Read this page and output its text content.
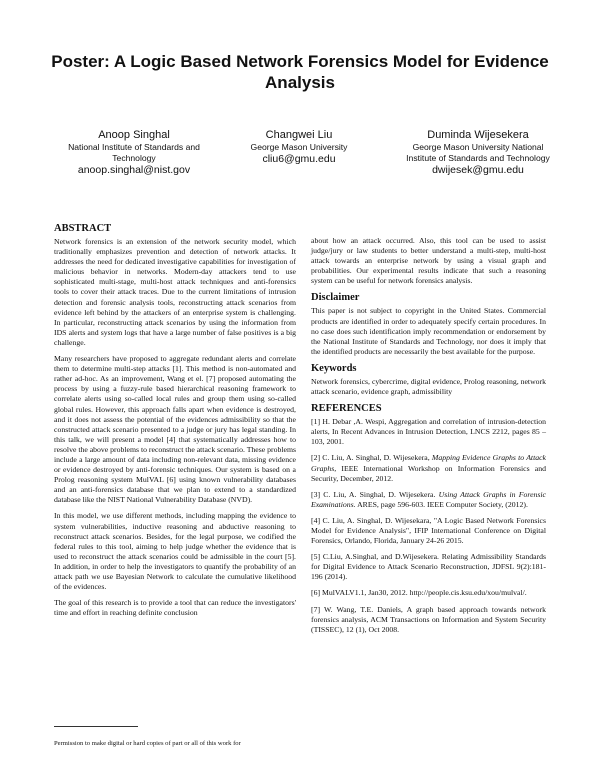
Poster: A Logic Based Network Forensics Model for Evidence Analysis
Anoop Singhal
National Institute of Standards and Technology
anoop.singhal@nist.gov
Changwei Liu
George Mason University
cliu6@gmu.edu
Duminda Wijesekera
George Mason University National Institute of Standards and Technology
dwijesek@gmu.edu
ABSTRACT

Network forensics is an extension of the network security model, which traditionally emphasizes prevention and detection of network attacks. It addresses the need for dedicated investigative capabilities for investigation of malicious behavior in networks. Modern-day attackers tend to use sophisticated multi-stage, multi-host attack techniques and anti-forensics tools to cover their attack traces. Due to the current limitations of intrusion detection and forensic analysis tools, reconstructing attack scenarios from evidence left behind by the attackers of an enterprise system is challenging. In particular, reconstructing attack scenarios by using the information from IDS alerts and system logs that have a large number of false positives is a big challenge.

Many researchers have proposed to aggregate redundant alerts and correlate them to determine multi-step attacks [1]. This method is non-automated and rather ad-hoc. As an improvement, Wang et el. [7] proposed automating the process by using a fuzzy-rule based hierarchical reasoning framework to correlate alerts using so-called local rules and group them using so-called global rules. However, this approach falls apart when evidence is destroyed, and it does not assess the potential of the evidences admissibility so that the constructed attack scenario presented to a judge or jury has legal standing. In this talk, we will present a model [4] that systematically addresses how to resolve the above problems to reconstruct the attack scenario. These problems include a large amount of data including non-relevant data, missing evidence or evidence destroyed by anti-forensic techniques. Our system is based on a Prolog reasoning system MulVAL [6] using known vulnerability databases and an anti-forensics database that we plan to extend to a standardized database like the NIST National Vulnerability Database (NVD).

In this model, we use different methods, including mapping the evidence to system vulnerabilities, inductive reasoning and abductive reasoning to reconstruct attack scenarios. Besides, for the legal purpose, we codified the federal rules to this tool, aiming to help judge whether the evidence that is used to reconstruct the attack scenarios could be admissible in the court [5]. In addition, in order to help the investigators to quantify the probability of an attack path we use Bayesian Network to calculate the cumulative likelihood of the evidences.

The goal of this research is to provide a tool that can reduce the investigators' time and effort in reaching definite conclusion

Permission to make digital or hard copies of part or all of this work for

about how an attack occurred. Also, this tool can be used to assist judge/jury or law students to better understand a multi-step, multi-host attack towards an enterprise network by using a visual graph and probabilities. Our experimental results indicate that such a reasoning system can be useful for network forensics analysis.

Disclaimer

This paper is not subject to copyright in the United States. Commercial products are identified in order to adequately specify certain procedures. In no case does such identification imply recommendation or endorsement by the National Institute of Standards and Technology, nor does it imply that the identified products are necessarily the best available for the purpose.

Keywords

Network forensics, cybercrime, digital evidence, Prolog reasoning, network attack scenario, evidence graph, admissibility

REFERENCES
[1] H. Debar ,A. Wespi, Aggregation and correlation of intrusion-detection alerts, In Recent Advances in Intrusion Detection, LNCS 2212, pages 85 – 103, 2001.
[2] C. Liu, A. Singhal, D. Wijesekera, Mapping Evidence Graphs to Attack Graphs, IEEE International Workshop on Information Forensics and Security, December, 2012.
[3] C. Liu, A. Singhal, D. Wijesekera. Using Attack Graphs in Forensic Examinations. ARES, page 596-603. IEEE Computer Society, (2012).
[4] C. Liu, A. Singhal, D. Wijesekara, "A Logic Based Network Forensics Model for Evidence Analysis", IFIP International Conference on Digital Forensics, Orlando, Florida, January 24-26 2015.
[5] C.Liu, A.Singhal, and D.Wijesekera. Relating Admissibility Standards for Digital Evidence to Attack Scenario Reconstruction, JDFSL 9(2):181-196 (2014).
[6] MulVALV1.1, Jan30, 2012. http://people.cis.ksu.edu/xou/mulval/.
[7] W. Wang, T.E. Daniels, A graph based approach towards network forensics analysis, ACM Transactions on Information and System Security (TISSEC), 12 (1), Oct 2008.
